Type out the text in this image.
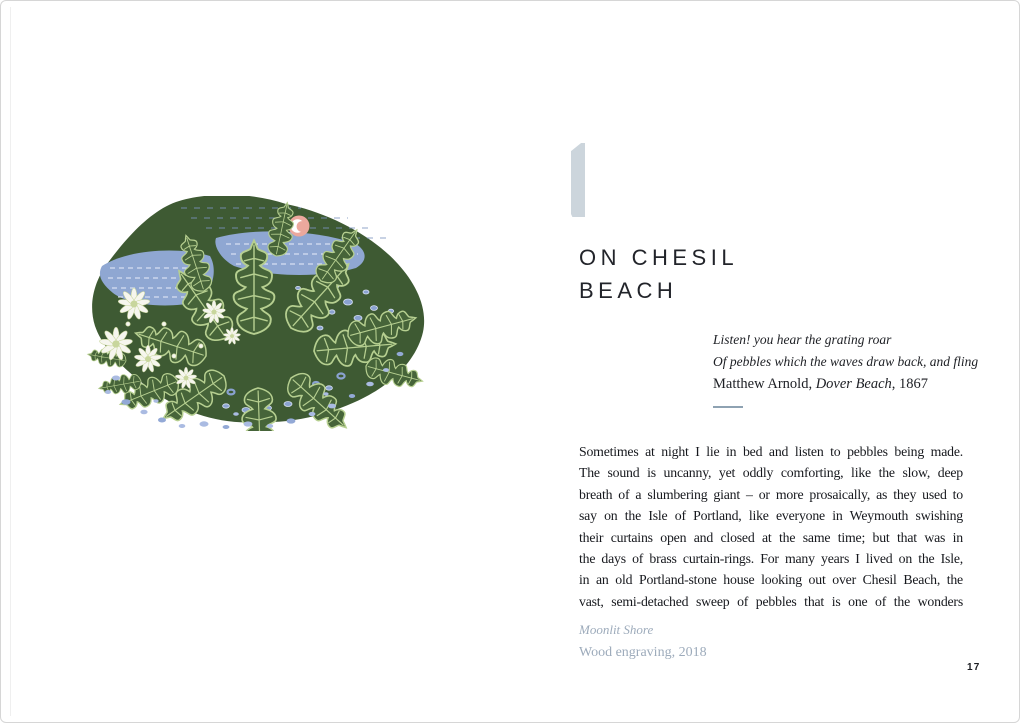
ON CHESIL
BEACH
Listen! you hear the grating roar
Of pebbles which the waves draw back, and fling
Matthew Arnold, Dover Beach, 1867
Sometimes at night I lie in bed and listen to pebbles being made.
The sound is uncanny, yet oddly comforting, like the slow, deep
breath of a slumbering giant – or more prosaically, as they used to
say on the Isle of Portland, like everyone in Weymouth swishing
their curtains open and closed at the same time; but that was in
the days of brass curtain-rings. For many years I lived on the Isle,
in an old Portland-stone house looking out over Chesil Beach, the
vast, semi-detached sweep of pebbles that is one of the wonders
Moonlit Shore
Wood engraving, 2018
17
